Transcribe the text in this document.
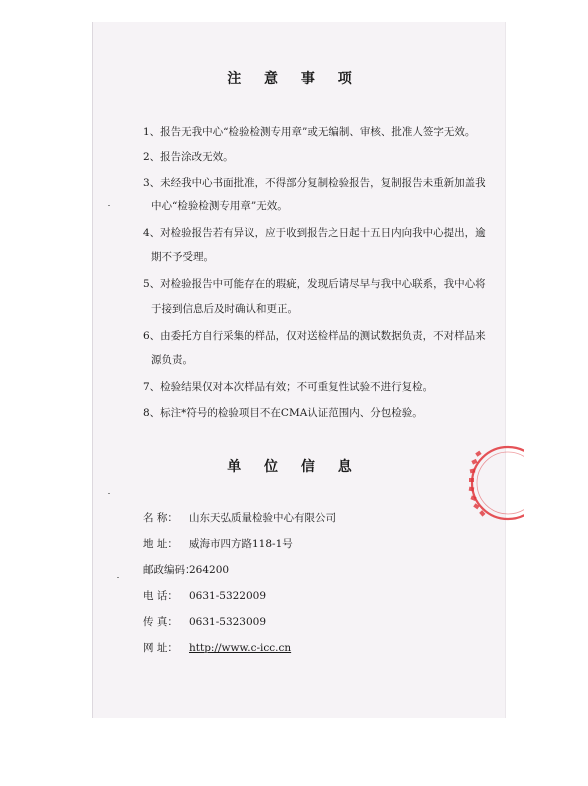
注 意 事 项
1、报告无我中心“检验检测专用章”或无编制、审核、批准人签字无效。
2、报告涂改无效。
3、未经我中心书面批准，不得部分复制检验报告，复制报告未重新加盖我
中心“检验检测专用章”无效。
4、对检验报告若有异议，应于收到报告之日起十五日内向我中心提出，逾
期不予受理。
5、对检验报告中可能存在的瑕疵，发现后请尽早与我中心联系，我中心将
于接到信息后及时确认和更正。
6、由委托方自行采集的样品，仅对送检样品的测试数据负责，不对样品来
源负责。
7、检验结果仅对本次样品有效；不可重复性试验不进行复检。
8、标注*符号的检验项目不在CMA认证范围内、分包检验。
单 位 信 息
名 称： 山东天弘质量检验中心有限公司
地 址： 威海市四方路118-1号
邮政编码：264200
电 话： 0631-5322009
传 真： 0631-5323009
网 址： http://www.c-icc.cn
